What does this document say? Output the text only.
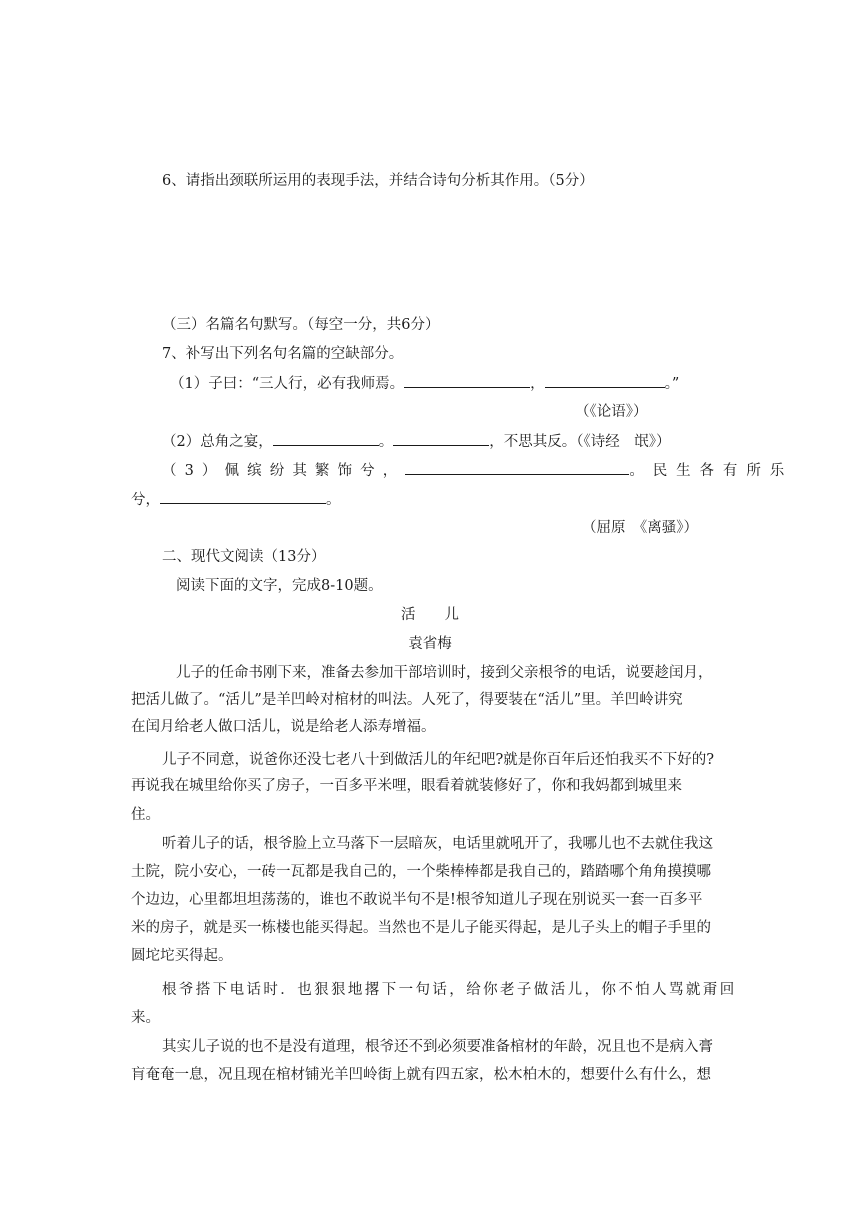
6、请指出颈联所运用的表现手法，并结合诗句分析其作用。（5分）
（三）名篇名句默写。（每空一分，共6分）
7、补写出下列名句名篇的空缺部分。
（1）子曰：“三人行，必有我师焉。	，	。”
（《论语》）
（2）总角之宴，	。	，不思其反。（《诗经　氓》）
（3）佩缤纷其繁饰兮，	。民生各有所乐
兮，	。
（屈原　《离骚》）
二、现代文阅读（13分）
阅读下面的文字，完成8-10题。
活　　儿
袁省梅
儿子的任命书刚下来，准备去参加干部培训时，接到父亲根爷的电话，说要趁闰月，
把活儿做了。“活儿”是羊凹岭对棺材的叫法。人死了，得要装在“活儿”里。羊凹岭讲究
在闰月给老人做口活儿，说是给老人添寿增福。
儿子不同意，说爸你还没七老八十到做活儿的年纪吧?就是你百年后还怕我买不下好的?
再说我在城里给你买了房子，一百多平米哩，眼看着就装修好了，你和我妈都到城里来
住。
听着儿子的话，根爷脸上立马落下一层暗灰，电话里就吼开了，我哪儿也不去就住我这
土院，院小安心，一砖一瓦都是我自己的，一个柴棒棒都是我自己的，踏踏哪个角角摸摸哪
个边边，心里都坦坦荡荡的，谁也不敢说半句不是!根爷知道儿子现在别说买一套一百多平
米的房子，就是买一栋楼也能买得起。当然也不是儿子能买得起，是儿子头上的帽子手里的
圆坨坨买得起。
根爷搭下电话时．也狠狠地撂下一句话，给你老子做活儿，你不怕人骂就甭回
来。
其实儿子说的也不是没有道理，根爷还不到必须要准备棺材的年龄，况且也不是病入膏
肓奄奄一息，况且现在棺材铺光羊凹岭街上就有四五家，松木柏木的，想要什么有什么，想
